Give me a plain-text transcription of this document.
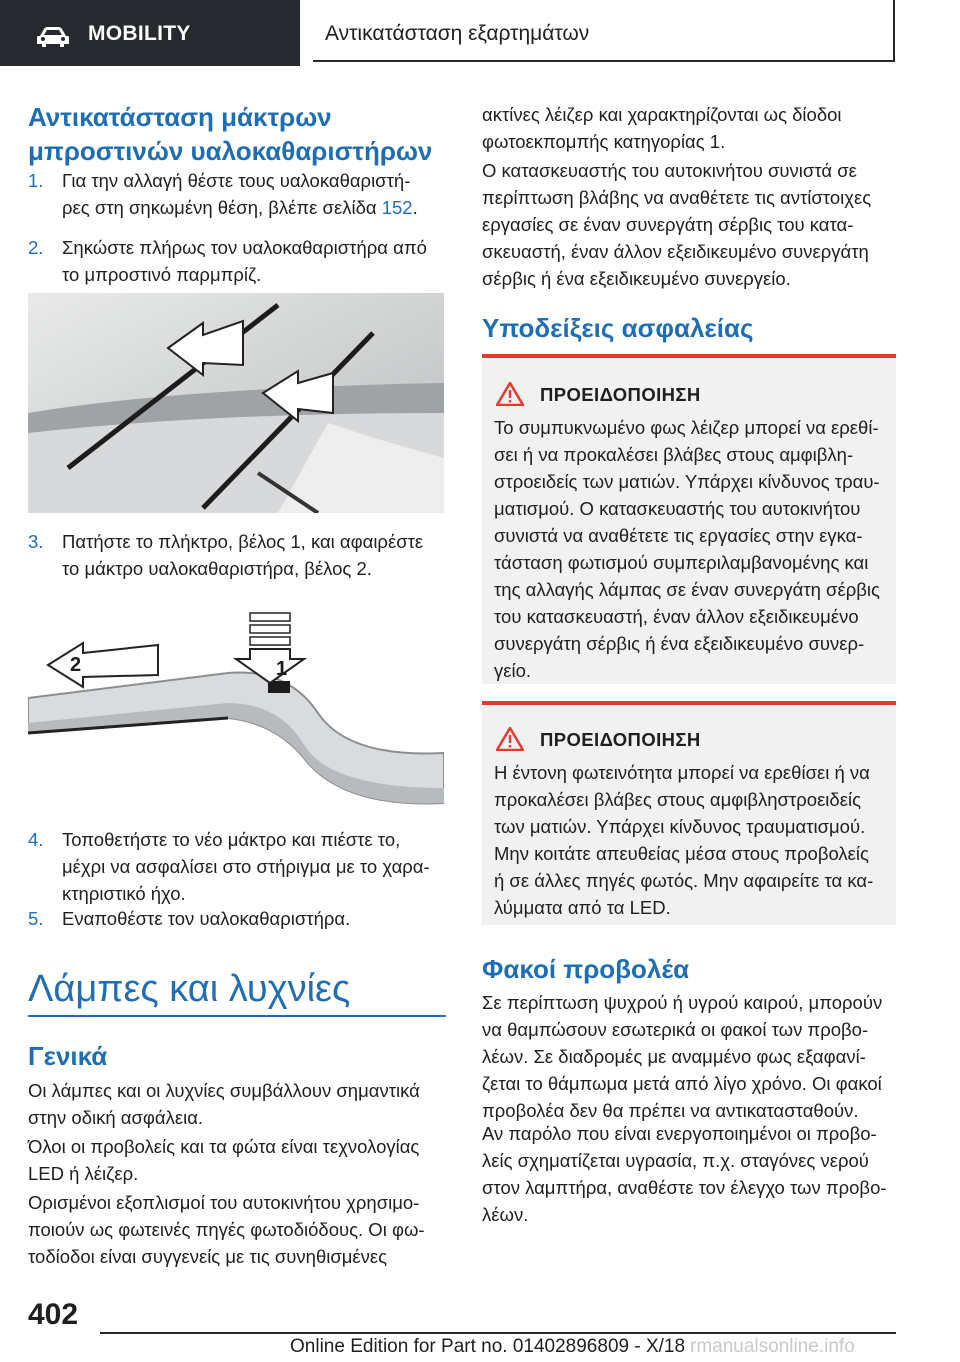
MOBILITY	Αντικατάσταση εξαρτημάτων
Αντικατάσταση μάκτρων
μπροστινών υαλοκαθαριστήρων
1. Για την αλλαγή θέστε τους υαλοκαθαριστή-
ρες στη σηκωμένη θέση, βλέπε σελίδα 152.
2. Σηκώστε πλήρως τον υαλοκαθαριστήρα από
το μπροστινό παρμπρίζ.
3. Πατήστε το πλήκτρο, βέλος 1, και αφαιρέστε
το μάκτρο υαλοκαθαριστήρα, βέλος 2.
2	1
4. Τοποθετήστε το νέο μάκτρο και πιέστε το,
μέχρι να ασφαλίσει στο στήριγμα με το χαρα-
κτηριστικό ήχο.
5. Εναποθέστε τον υαλοκαθαριστήρα.
Λάμπες και λυχνίες
Γενικά
Οι λάμπες και οι λυχνίες συμβάλλουν σημαντικά
στην οδική ασφάλεια.
Όλοι οι προβολείς και τα φώτα είναι τεχνολογίας
LED ή λέιζερ.
Ορισμένοι εξοπλισμοί του αυτοκινήτου χρησιμο-
ποιούν ως φωτεινές πηγές φωτοδιόδους. Οι φω-
τοδίοδοι είναι συγγενείς με τις συνηθισμένες
ακτίνες λέιζερ και χαρακτηρίζονται ως δίοδοι
φωτοεκπομπής κατηγορίας 1.
Ο κατασκευαστής του αυτοκινήτου συνιστά σε
περίπτωση βλάβης να αναθέτετε τις αντίστοιχες
εργασίες σε έναν συνεργάτη σέρβις του κατα-
σκευαστή, έναν άλλον εξειδικευμένο συνεργάτη
σέρβις ή ένα εξειδικευμένο συνεργείο.
Υποδείξεις ασφαλείας
ΠΡΟΕΙΔΟΠΟΙΗΣΗ
Το συμπυκνωμένο φως λέιζερ μπορεί να ερεθί-
σει ή να προκαλέσει βλάβες στους αμφιβλη-
στροειδείς των ματιών. Υπάρχει κίνδυνος τραυ-
ματισμού. Ο κατασκευαστής του αυτοκινήτου
συνιστά να αναθέτετε τις εργασίες στην εγκα-
τάσταση φωτισμού συμπεριλαμβανομένης και
της αλλαγής λάμπας σε έναν συνεργάτη σέρβις
του κατασκευαστή, έναν άλλον εξειδικευμένο
συνεργάτη σέρβις ή ένα εξειδικευμένο συνερ-
γείο.
ΠΡΟΕΙΔΟΠΟΙΗΣΗ
Η έντονη φωτεινότητα μπορεί να ερεθίσει ή να
προκαλέσει βλάβες στους αμφιβληστροειδείς
των ματιών. Υπάρχει κίνδυνος τραυματισμού.
Μην κοιτάτε απευθείας μέσα στους προβολείς
ή σε άλλες πηγές φωτός. Μην αφαιρείτε τα κα-
λύμματα από τα LED.
Φακοί προβολέα
Σε περίπτωση ψυχρού ή υγρού καιρού, μπορούν
να θαμπώσουν εσωτερικά οι φακοί των προβο-
λέων. Σε διαδρομές με αναμμένο φως εξαφανί-
ζεται το θάμπωμα μετά από λίγο χρόνο. Οι φακοί
προβολέα δεν θα πρέπει να αντικατασταθούν.
Αν παρόλο που είναι ενεργοποιημένοι οι προβο-
λείς σχηματίζεται υγρασία, π.χ. σταγόνες νερού
στον λαμπτήρα, αναθέστε τον έλεγχο των προβο-
λέων.
402
Online Edition for Part no. 01402896809 - X/18 rmanualsonline.info
